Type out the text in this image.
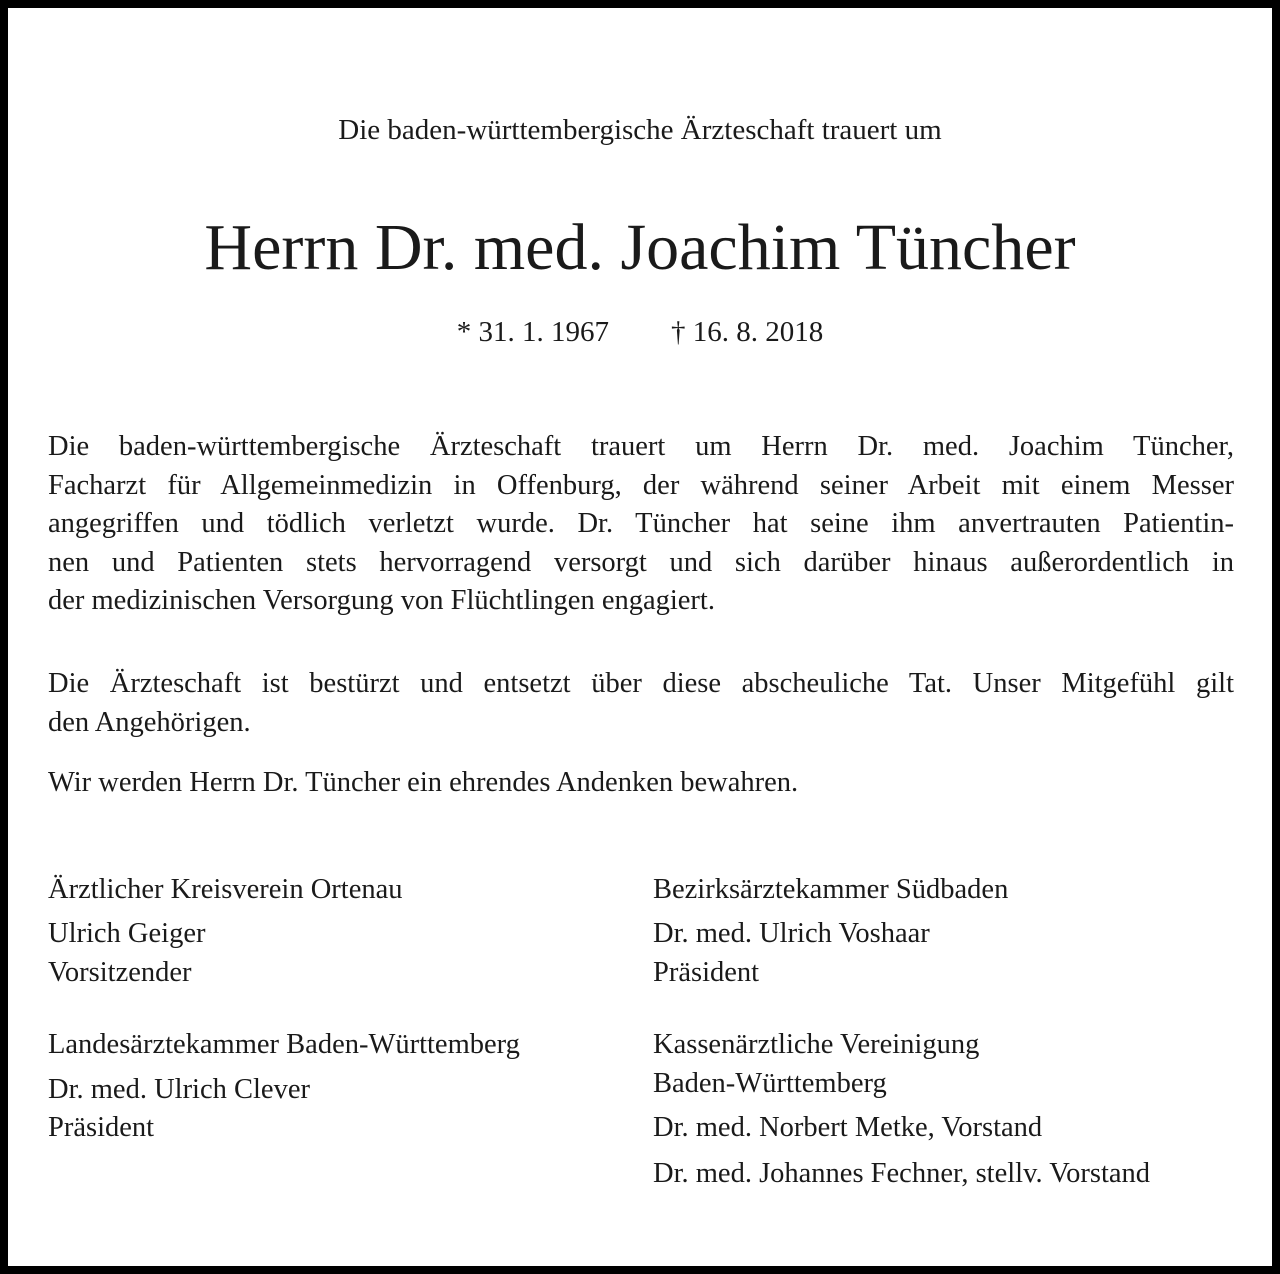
Die baden-württembergische Ärzteschaft trauert um

Herrn Dr. med. Joachim Tüncher

* 31. 1. 1967 † 16. 8. 2018

Die baden-württembergische Ärzteschaft trauert um Herrn Dr. med. Joachim Tüncher,
Facharzt für Allgemeinmedizin in Offenburg, der während seiner Arbeit mit einem Messer
angegriffen und tödlich verletzt wurde. Dr. Tüncher hat seine ihm anvertrauten Patientin-
nen und Patienten stets hervorragend versorgt und sich darüber hinaus außerordentlich in
der medizinischen Versorgung von Flüchtlingen engagiert.
Die Ärzteschaft ist bestürzt und entsetzt über diese abscheuliche Tat. Unser Mitgefühl gilt
den Angehörigen.
Wir werden Herrn Dr. Tüncher ein ehrendes Andenken bewahren.

Ärztlicher Kreisverein Ortenau

Ulrich Geiger

Vorsitzender

Landesärztekammer Baden-Württemberg

Dr. med. Ulrich Clever

Präsident

Bezirksärztekammer Südbaden

Dr. med. Ulrich Voshaar

Präsident

Kassenärztliche Vereinigung

Baden-Württemberg

Dr. med. Norbert Metke, Vorstand

Dr. med. Johannes Fechner, stellv. Vorstand
